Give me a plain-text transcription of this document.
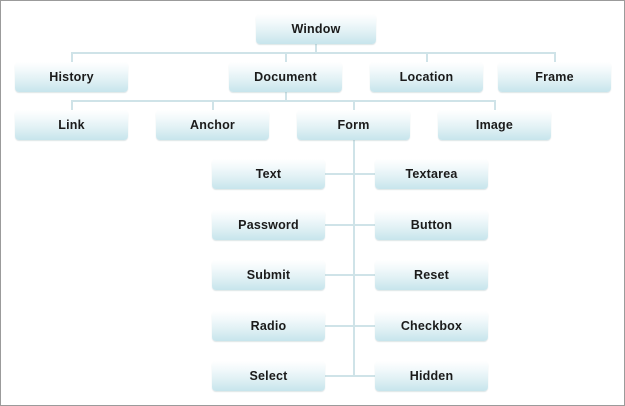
Window
History	Document	Location	Frame
Link	Anchor	Form	Image
Text	Textarea
Password	Button
Submit	Reset
Radio	Checkbox
Select	Hidden
